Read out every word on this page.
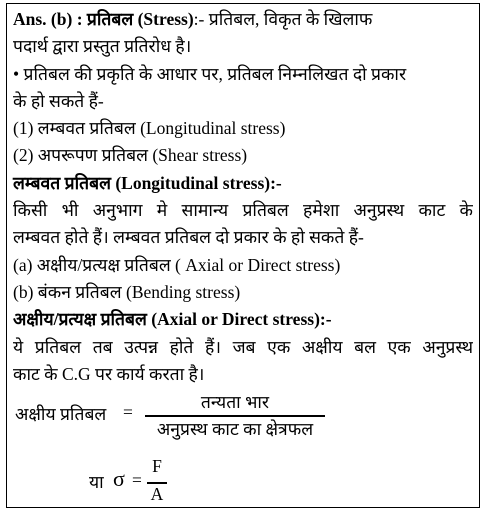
Ans. (b) : प्रतिबल (Stress):- प्रतिबल, विकृत के खिलाफ
पदार्थ द्वारा प्रस्तुत प्रतिरोध है।
• प्रतिबल की प्रकृति के आधार पर, प्रतिबल निम्नलिखत दो प्रकार
के हो सकते हैं-
(1) लम्बवत प्रतिबल (Longitudinal stress)
(2) अपरूपण प्रतिबल (Shear stress)
लम्बवत प्रतिबल (Longitudinal stress):-
किसी भी अनुभाग मे सामान्य प्रतिबल हमेशा अनुप्रस्थ काट के
लम्बवत होते हैं। लम्बवत प्रतिबल दो प्रकार के हो सकते हैं-
(a) अक्षीय/प्रत्यक्ष प्रतिबल ( Axial or Direct stress)
(b) बंकन प्रतिबल (Bending stress)
अक्षीय/प्रत्यक्ष प्रतिबल (Axial or Direct stress):-
ये प्रतिबल तब उत्पन्न होते हैं। जब एक अक्षीय बल एक अनुप्रस्थ
काट के C.G पर कार्य करता है।
अक्षीय प्रतिबल =	तन्यता भार
अनुप्रस्थ काट का क्षेत्रफल
या σ =
F
A
